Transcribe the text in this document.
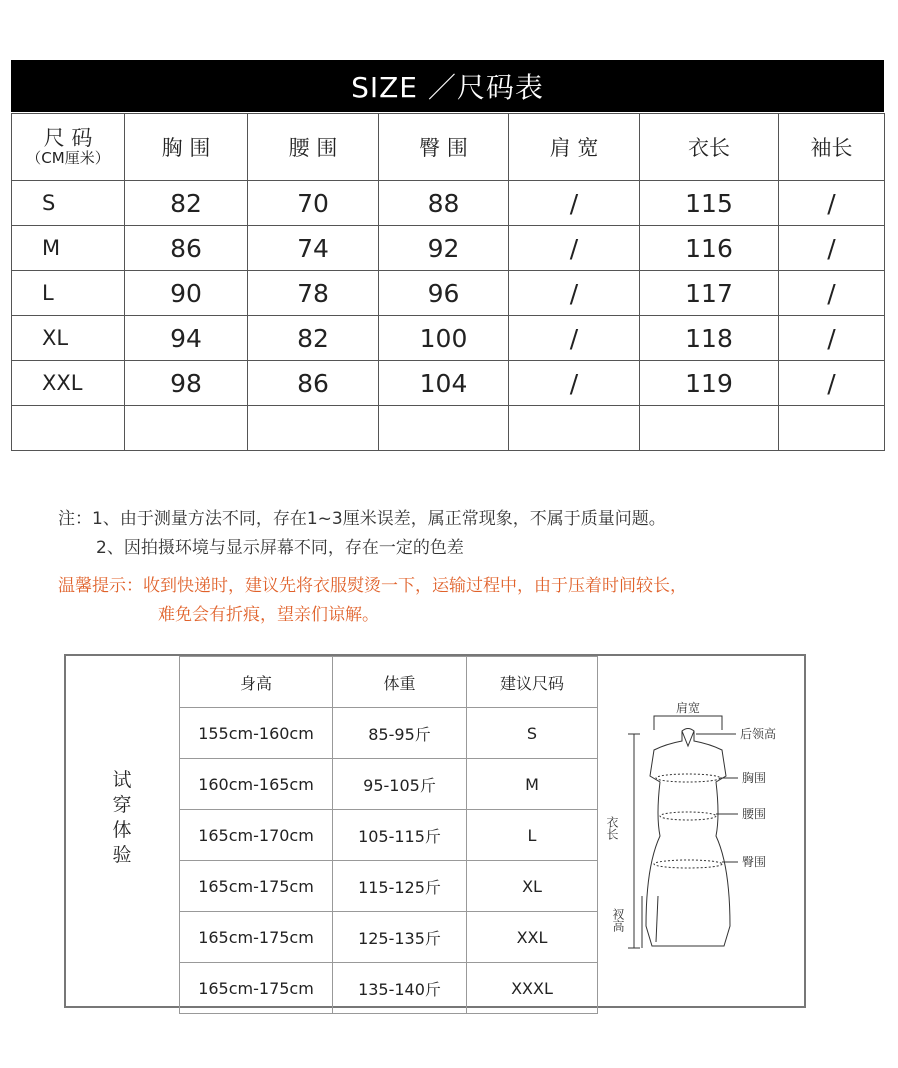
SIZE ／尺码表
尺 码
（CM厘米）	胸 围	腰 围	臀 围	肩 宽	衣长	袖长
S	82	70	88	/	115	/
M	86	74	92	/	116	/
L	90	78	96	/	117	/
XL	94	82	100	/	118	/
XXL	98	86	104	/	119	/

注：1、由于测量方法不同，存在1~3厘米误差，属正常现象，不属于质量问题。
2、因拍摄环境与显示屏幕不同，存在一定的色差
温馨提示：收到快递时，建议先将衣服熨烫一下，运输过程中，由于压着时间较长，
难免会有折痕，望亲们谅解。
试
穿
体
验
身高	体重	建议尺码
155cm-160cm	85-95斤	S
160cm-165cm	95-105斤	M
165cm-170cm	105-115斤	L
165cm-175cm	115-125斤	XL
165cm-175cm	125-135斤	XXL
165cm-175cm	135-140斤	XXXL
肩宽
后领高
胸围
腰围
臀围
衣长
衩高
